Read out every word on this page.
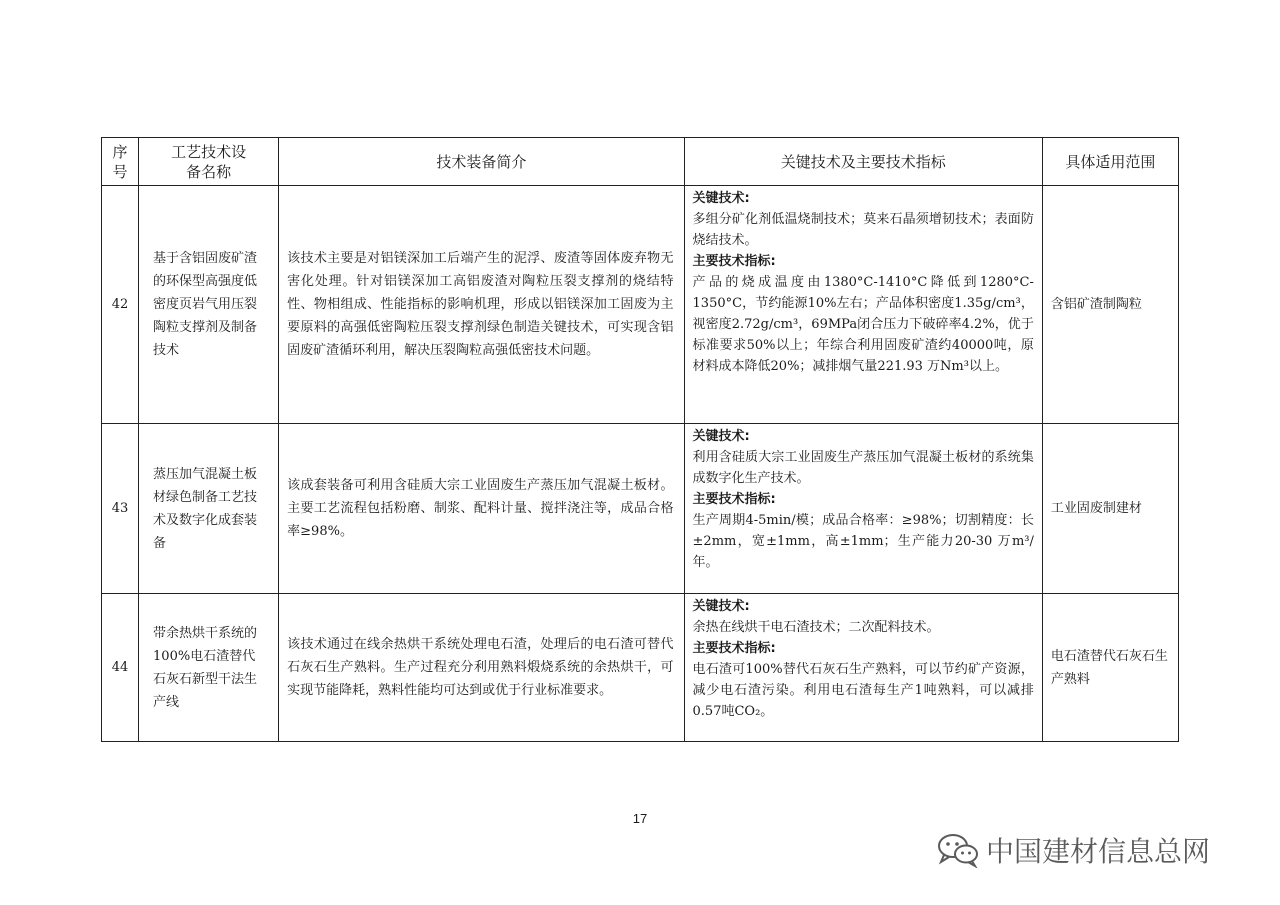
序号	工艺技术设备名称	技术装备简介	关键技术及主要技术指标	具体适用范围
42	基于含铝固废矿渣的环保型高强度低密度页岩气用压裂陶粒支撑剂及制备技术	该技术主要是对铝镁深加工后端产生的泥浮、废渣等固体废弃物无害化处理。针对铝镁深加工高铝废渣对陶粒压裂支撑剂的烧结特性、物相组成、性能指标的影响机理，形成以铝镁深加工固废为主要原料的高强低密陶粒压裂支撑剂绿色制造关键技术，可实现含铝固废矿渣循环利用，解决压裂陶粒高强低密技术问题。	关键技术:
多组分矿化剂低温烧制技术；莫来石晶须增韧技术；表面防烧结技术。
主要技术指标:
产品的烧成温度由1380°C-1410°C降低到1280°C-1350°C，节约能源10%左右；产品体积密度1.35g/cm³，视密度2.72g/cm³，69MPa闭合压力下破碎率4.2%，优于标准要求50%以上；年综合利用固废矿渣约40000吨，原材料成本降低20%；减排烟气量221.93 万Nm³以上。	含铝矿渣制陶粒
43	蒸压加气混凝土板材绿色制备工艺技术及数字化成套装备	该成套装备可利用含硅质大宗工业固废生产蒸压加气混凝土板材。主要工艺流程包括粉磨、制浆、配料计量、搅拌浇注等，成品合格率≥98%。	关键技术:
利用含硅质大宗工业固废生产蒸压加气混凝土板材的系统集成数字化生产技术。
主要技术指标:
生产周期4-5min/模；成品合格率：≥98%；切割精度：长±2mm，宽±1mm，高±1mm；生产能力20-30 万m³/年。	工业固废制建材
44	带余热烘干系统的100%电石渣替代石灰石新型干法生产线	该技术通过在线余热烘干系统处理电石渣，处理后的电石渣可替代石灰石生产熟料。生产过程充分利用熟料煅烧系统的余热烘干，可实现节能降耗，熟料性能均可达到或优于行业标准要求。	关键技术:
余热在线烘干电石渣技术；二次配料技术。
主要技术指标:
电石渣可100%替代石灰石生产熟料，可以节约矿产资源，减少电石渣污染。利用电石渣每生产1吨熟料，可以减排0.57吨CO₂。	电石渣替代石灰石生产熟料
17
中国建材信息总网
